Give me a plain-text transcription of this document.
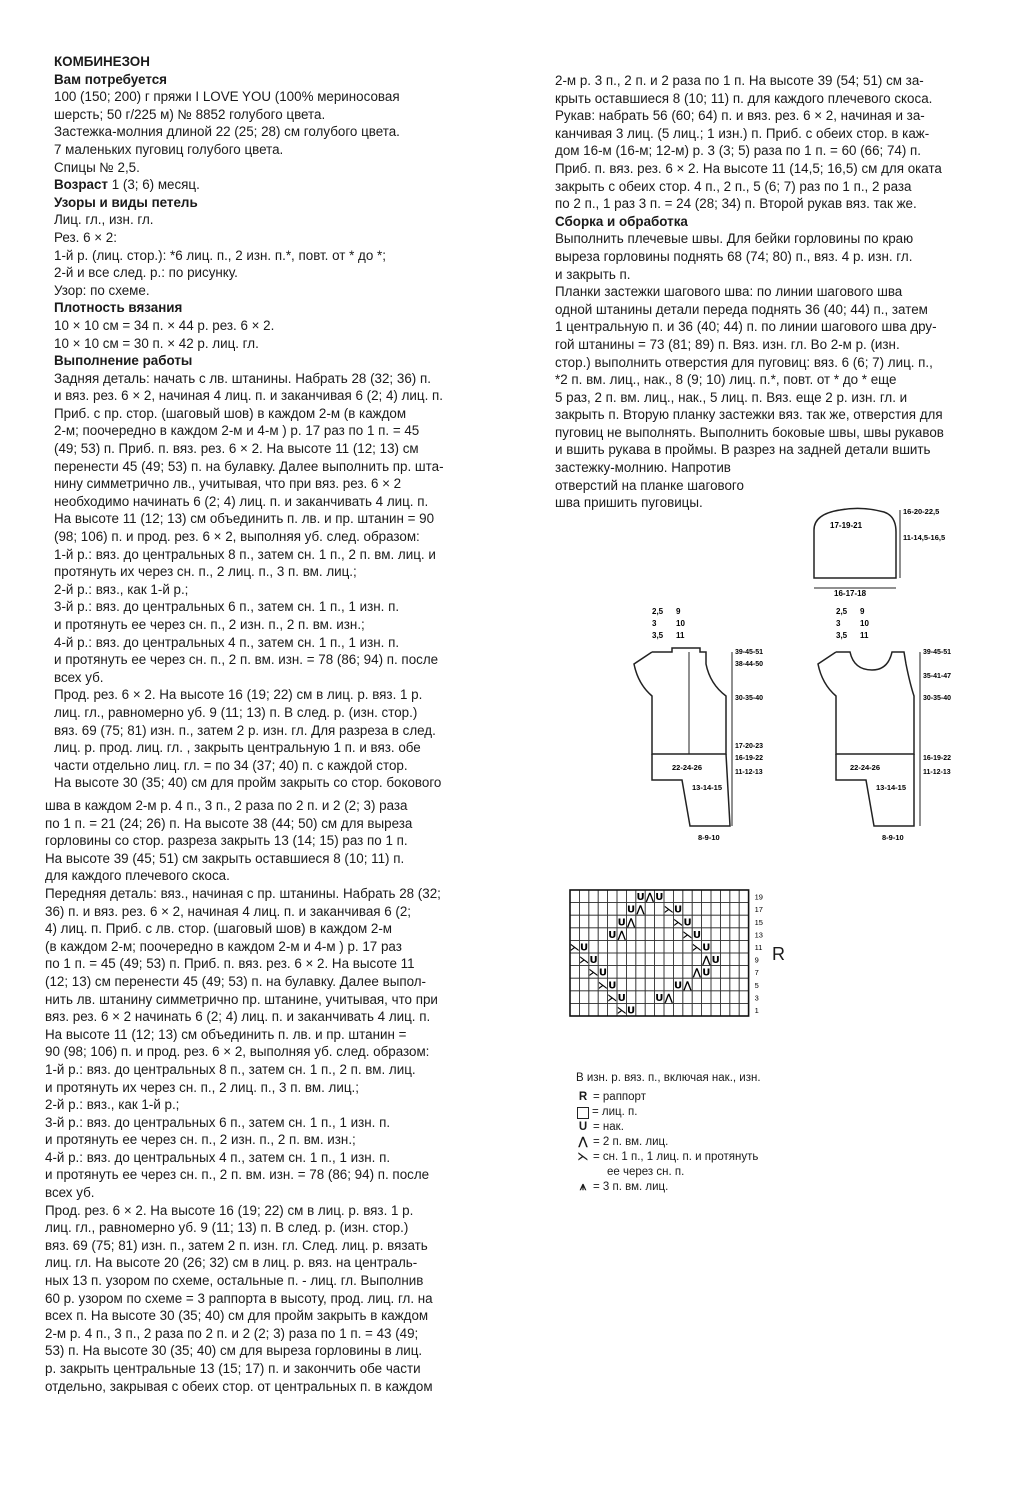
КОМБИНЕЗОН

Вам потребуется

100 (150; 200) г пряжи I LOVE YOU (100% мериносовая

шерсть; 50 г/225 м) № 8852 голубого цвета.

Застежка-молния длиной 22 (25; 28) см голубого цвета.

7 маленьких пуговиц голубого цвета.

Спицы № 2,5.

Возраст 1 (3; 6) месяц.

Узоры и виды петель

Лиц. гл., изн. гл.

Рез. 6 × 2:

1-й р. (лиц. стор.): *6 лиц. п., 2 изн. п.*, повт. от * до *;

2-й и все след. р.: по рисунку.

Узор: по схеме.

Плотность вязания

10 × 10 см = 34 п. × 44 р. рез. 6 × 2.

10 × 10 см = 30 п. × 42 р. лиц. гл.

Выполнение работы

Задняя деталь: начать с лв. штанины. Набрать 28 (32; 36) п.

и вяз. рез. 6 × 2, начиная 4 лиц. п. и заканчивая 6 (2; 4) лиц. п.

Приб. с пр. стор. (шаговый шов) в каждом 2-м (в каждом

2-м; поочередно в каждом 2-м и 4-м ) р. 17 раз по 1 п. = 45

(49; 53) п. Приб. п. вяз. рез. 6 × 2. На высоте 11 (12; 13) см

перенести 45 (49; 53) п. на булавку. Далее выполнить пр. шта-

нину симметрично лв., учитывая, что при вяз. рез. 6 × 2

необходимо начинать 6 (2; 4) лиц. п. и заканчивать 4 лиц. п.

На высоте 11 (12; 13) см объединить п. лв. и пр. штанин = 90

(98; 106) п. и прод. рез. 6 × 2, выполняя уб. след. образом:

1-й р.: вяз. до центральных 8 п., затем сн. 1 п., 2 п. вм. лиц. и

протянуть их через сн. п., 2 лиц. п., 3 п. вм. лиц.;

2-й р.: вяз., как 1-й р.;

3-й р.: вяз. до центральных 6 п., затем сн. 1 п., 1 изн. п.

и протянуть ее через сн. п., 2 изн. п., 2 п. вм. изн.;

4-й р.: вяз. до центральных 4 п., затем сн. 1 п., 1 изн. п.

и протянуть ее через сн. п., 2 п. вм. изн. = 78 (86; 94) п. после

всех уб.

Прод. рез. 6 × 2. На высоте 16 (19; 22) см в лиц. р. вяз. 1 р.

лиц. гл., равномерно уб. 9 (11; 13) п. В след. р. (изн. стор.)

вяз. 69 (75; 81) изн. п., затем 2 р. изн. гл. Для разреза в след.

лиц. р. прод. лиц. гл. , закрыть центральную 1 п. и вяз. обе

части отдельно лиц. гл. = по 34 (37; 40) п. с каждой стор.

На высоте 30 (35; 40) см для пройм закрыть со стор. бокового

шва в каждом 2-м р. 4 п., 3 п., 2 раза по 2 п. и 2 (2; 3) раза

по 1 п. = 21 (24; 26) п. На высоте 38 (44; 50) см для выреза

горловины со стор. разреза закрыть 13 (14; 15) раз по 1 п.

На высоте 39 (45; 51) см закрыть оставшиеся 8 (10; 11) п.

для каждого плечевого скоса.

Передняя деталь: вяз., начиная с пр. штанины. Набрать 28 (32;

36) п. и вяз. рез. 6 × 2, начиная 4 лиц. п. и заканчивая 6 (2;

4) лиц. п. Приб. с лв. стор. (шаговый шов) в каждом 2-м

(в каждом 2-м; поочередно в каждом 2-м и 4-м ) р. 17 раз

по 1 п. = 45 (49; 53) п. Приб. п. вяз. рез. 6 × 2. На высоте 11

(12; 13) см перенести 45 (49; 53) п. на булавку. Далее выпол-

нить лв. штанину симметрично пр. штанине, учитывая, что при

вяз. рез. 6 × 2 начинать 6 (2; 4) лиц. п. и заканчивать 4 лиц. п.

На высоте 11 (12; 13) см объединить п. лв. и пр. штанин =

90 (98; 106) п. и прод. рез. 6 × 2, выполняя уб. след. образом:

1-й р.: вяз. до центральных 8 п., затем сн. 1 п., 2 п. вм. лиц.

и протянуть их через сн. п., 2 лиц. п., 3 п. вм. лиц.;

2-й р.: вяз., как 1-й р.;

3-й р.: вяз. до центральных 6 п., затем сн. 1 п., 1 изн. п.

и протянуть ее через сн. п., 2 изн. п., 2 п. вм. изн.;

4-й р.: вяз. до центральных 4 п., затем сн. 1 п., 1 изн. п.

и протянуть ее через сн. п., 2 п. вм. изн. = 78 (86; 94) п. после

всех уб.

Прод. рез. 6 × 2. На высоте 16 (19; 22) см в лиц. р. вяз. 1 р.

лиц. гл., равномерно уб. 9 (11; 13) п. В след. р. (изн. стор.)

вяз. 69 (75; 81) изн. п., затем 2 п. изн. гл. След. лиц. р. вязать

лиц. гл. На высоте 20 (26; 32) см в лиц. р. вяз. на централь-

ных 13 п. узором по схеме, остальные п. - лиц. гл. Выполнив

60 р. узором по схеме = 3 раппорта в высоту, прод. лиц. гл. на

всех п. На высоте 30 (35; 40) см для пройм закрыть в каждом

2-м р. 4 п., 3 п., 2 раза по 2 п. и 2 (2; 3) раза по 1 п. = 43 (49;

53) п. На высоте 30 (35; 40) см для выреза горловины в лиц.

р. закрыть центральные 13 (15; 17) п. и закончить обе части

отдельно, закрывая с обеих стор. от центральных п. в каждом

2-м р. 3 п., 2 п. и 2 раза по 1 п. На высоте 39 (54; 51) см за-

крыть оставшиеся 8 (10; 11) п. для каждого плечевого скоса.

Рукав: набрать 56 (60; 64) п. и вяз. рез. 6 × 2, начиная и за-

канчивая 3 лиц. (5 лиц.; 1 изн.) п. Приб. с обеих стор. в каж-

дом 16-м (16-м; 12-м) р. 3 (3; 5) раза по 1 п. = 60 (66; 74) п.

Приб. п. вяз. рез. 6 × 2. На высоте 11 (14,5; 16,5) см для оката

закрыть с обеих стор. 4 п., 2 п., 5 (6; 7) раз по 1 п., 2 раза

по 2 п., 1 раз 3 п. = 24 (28; 34) п. Второй рукав вяз. так же.

Сборка и обработка

Выполнить плечевые швы. Для бейки горловины по краю

выреза горловины поднять 68 (74; 80) п., вяз. 4 р. изн. гл.

и закрыть п.

Планки застежки шагового шва: по линии шагового шва

одной штанины детали переда поднять 36 (40; 44) п., затем

1 центральную п. и 36 (40; 44) п. по линии шагового шва дру-

гой штанины = 73 (81; 89) п. Вяз. изн. гл. Во 2-м р. (изн.

стор.) выполнить отверстия для пуговиц: вяз. 6 (6; 7) лиц. п.,

*2 п. вм. лиц., нак., 8 (9; 10) лиц. п.*, повт. от * до * еще

5 раз, 2 п. вм. лиц., нак., 5 лиц. п. Вяз. еще 2 р. изн. гл. и

закрыть п. Вторую планку застежки вяз. так же, отверстия для

пуговиц не выполнять. Выполнить боковые швы, швы рукавов

и вшить рукава в проймы. В разрез на задней детали вшить

застежку-молнию. Напротив

отверстий на планке шагового

шва пришить пуговицы.

17-19-21
16-17-18
16-20-22,5
11-14,5-16,5
2,5
3
3,5
9
10
11
39-45-51
38-44-50
30-35-40
17-20-23
16-19-22
11-12-13
22-24-26
13-14-15
8-9-10
2,5
3
3,5
9
10
11
39-45-51
35-41-47
30-35-40
16-19-22
11-12-13
22-24-26
13-14-15
8-9-10
U ⋀ U
U ⋀ ⋋ U
U ⋀	⋋ U
U ⋀	⋋ U
⋋ U	⋋ U
⋋ U	⋀ U
⋋ U	⋀ U
⋋ U	U ⋀
⋋ U	U ⋀
⋋ U
19
17
15
13
11
9
7
5
3
1
R
В изн. р. вяз. п., включая нак., изн.
R = раппорт
= лиц. п.
U = нак.
⋀ = 2 п. вм. лиц.
⋋ = сн. 1 п., 1 лиц. п. и протянуть
ее через сн. п.
⩚ = 3 п. вм. лиц.
